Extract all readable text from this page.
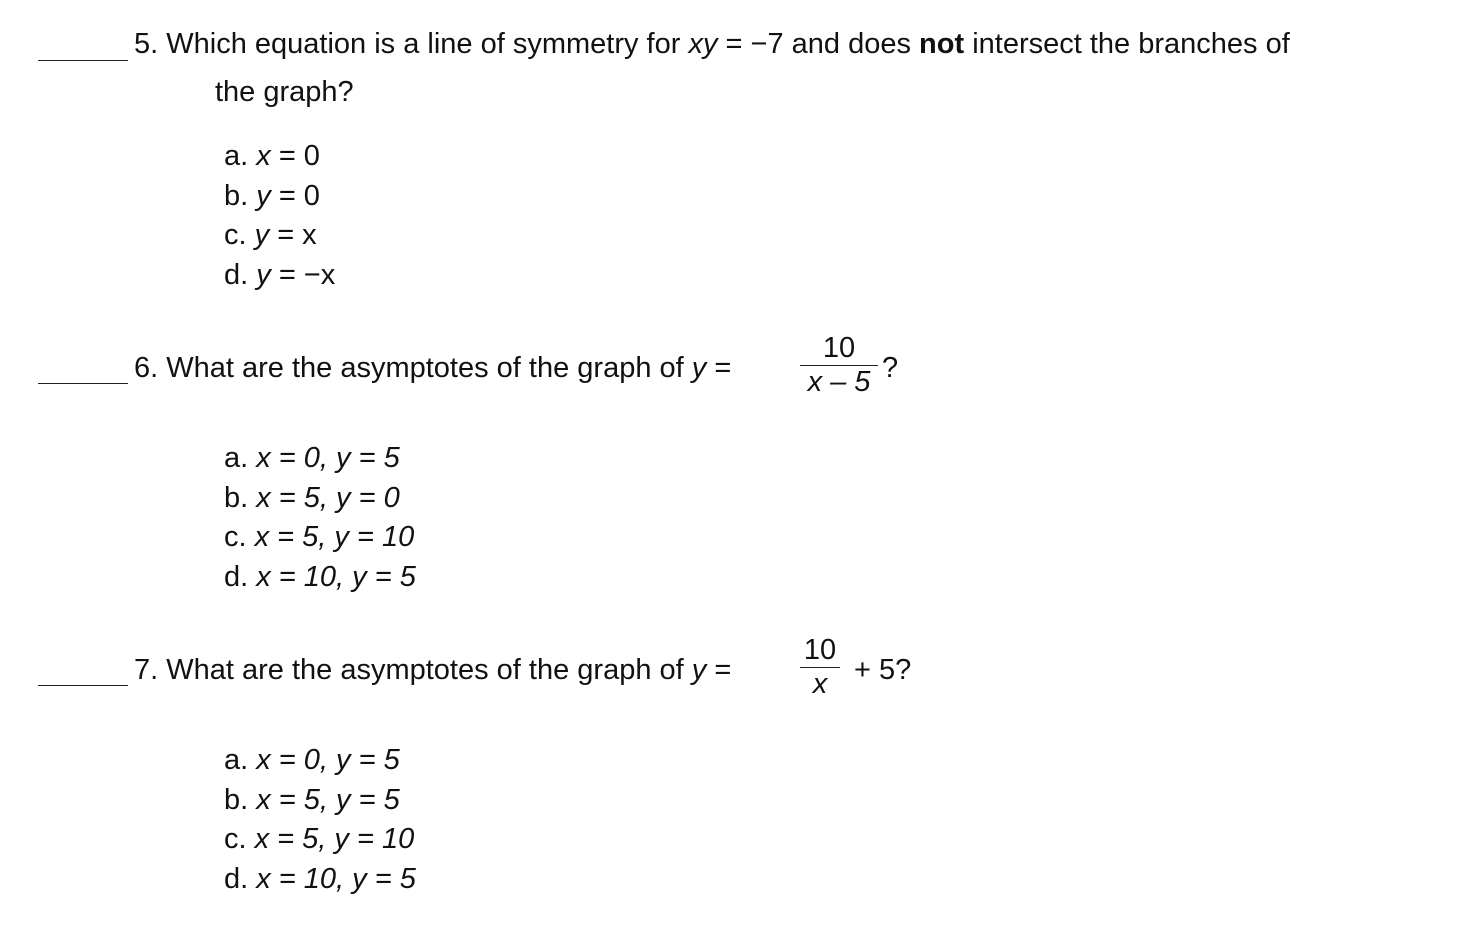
5. Which equation is a line of symmetry for xy = −7 and does not intersect the branches of
the graph?
a. x = 0
b. y = 0
c. y = x
d. y = −x
6. What are the asymptotes of the graph of y =
10
x – 5 ?
a. x = 0, y = 5
b. x = 5, y = 0
c. x = 5, y = 10
d. x = 10, y = 5
7. What are the asymptotes of the graph of y =
10
x + 5?
a. x = 0, y = 5
b. x = 5, y = 5
c. x = 5, y = 10
d. x = 10, y = 5
